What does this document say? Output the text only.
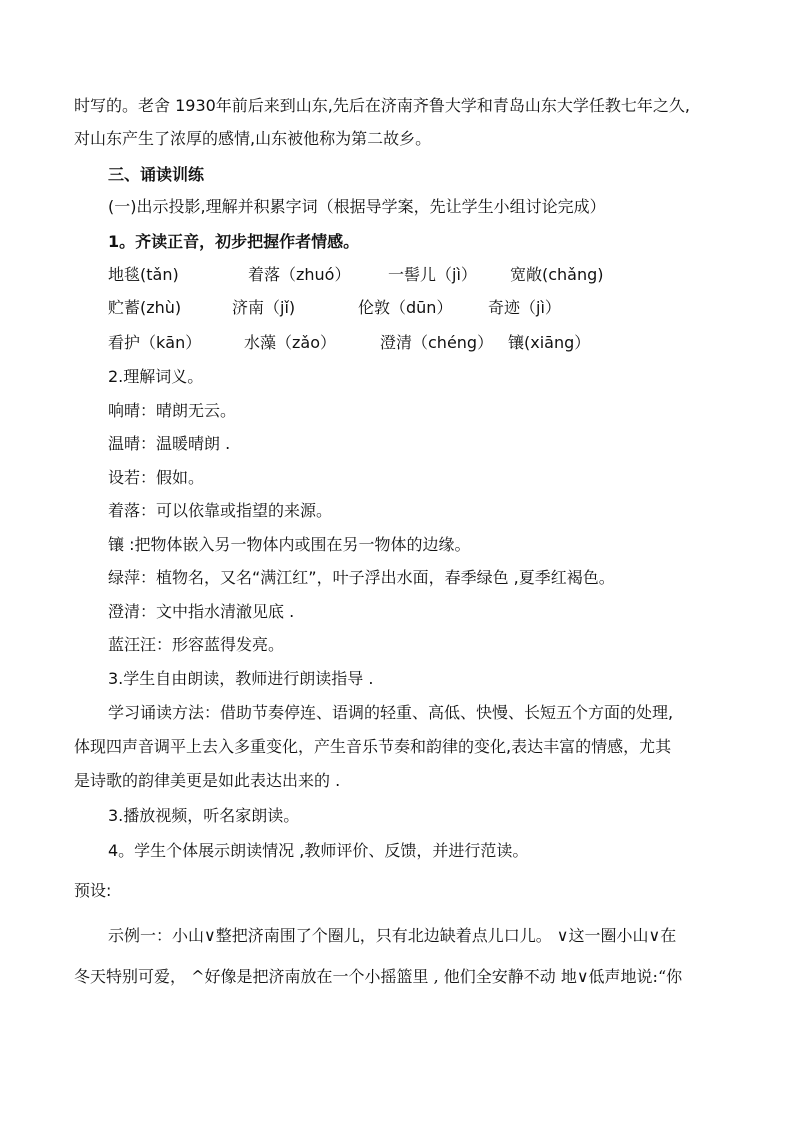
时写的。老舍 1930年前后来到山东,先后在济南齐鲁大学和青岛山东大学任教七年之久,
对山东产生了浓厚的感情,山东被他称为第二故乡。
三、诵读训练
(一)出示投影,理解并积累字词（根据导学案，先让学生小组讨论完成）
1。齐读正音，初步把握作者情感。
地毯(tǎn)	着落（zhuó） 一髻儿（jì） 宽敞(chǎng)
贮蓄(zhù)	济南（jǐ)	伦敦（dūn） 奇迹（jì）
看护（kān）	水藻（zǎo）	澄清（chéng） 镶(xiāng）
2.理解词义。
响晴：晴朗无云。
温晴：温暖晴朗 .
设若：假如。
着落：可以依靠或指望的来源。
镶 :把物体嵌入另一物体内或围在另一物体的边缘。
绿萍：植物名，又名“满江红”，叶子浮出水面，春季绿色 ,夏季红褐色。
澄清：文中指水清澈见底 .
蓝汪汪：形容蓝得发亮。
3.学生自由朗读，教师进行朗读指导 .
学习诵读方法：借助节奏停连、语调的轻重、高低、快慢、长短五个方面的处理,
体现四声音调平上去入多重变化，产生音乐节奏和韵律的变化,表达丰富的情感，尤其
是诗歌的韵律美更是如此表达出来的 .
3.播放视频，听名家朗读。
4。学生个体展示朗读情况 ,教师评价、反馈，并进行范读。
预设:
示例一：小山∨整把济南围了个圈儿，只有北边缺着点儿口儿。 ∨这一圈小山∨在
冬天特别可爱， ^好像是把济南放在一个小摇篮里 , 他们全安静不动 地∨低声地说:“你
